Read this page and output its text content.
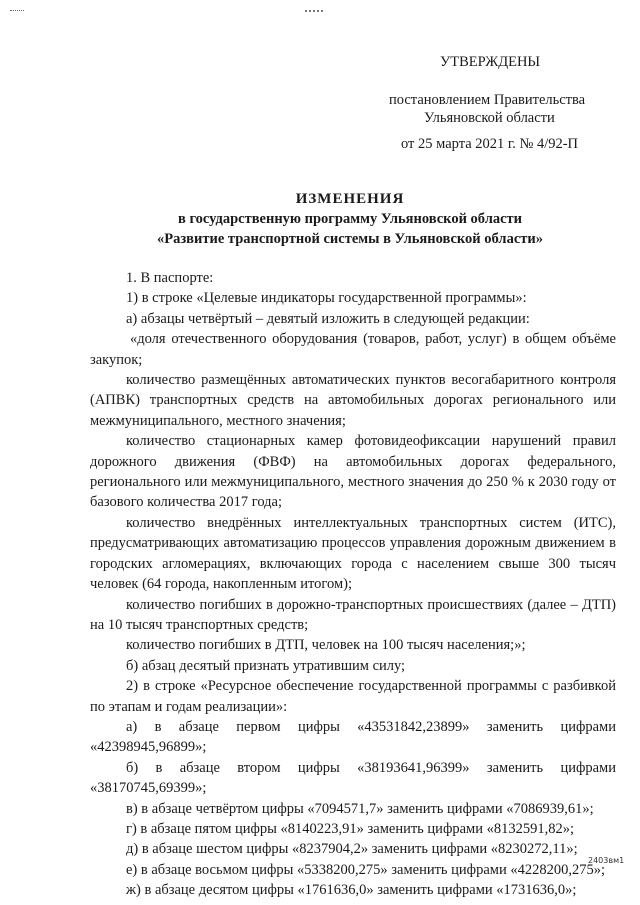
УТВЕРЖДЕНЫ
постановлением Правительства
Ульяновской области
от 25 марта 2021 г. № 4/92-П
ИЗМЕНЕНИЯ
в государственную программу Ульяновской области
«Развитие транспортной системы в Ульяновской области»

1. В паспорте:

1) в строке «Целевые индикаторы государственной программы»:

а) абзацы четвёртый – девятый изложить в следующей редакции:

«доля отечественного оборудования (товаров, работ, услуг) в общем объёме закупок;

количество размещённых автоматических пунктов весогабаритного контроля (АПВК) транспортных средств на автомобильных дорогах регионального или межмуниципального, местного значения;

количество стационарных камер фотовидеофиксации нарушений правил дорожного движения (ФВФ) на автомобильных дорогах федерального, регионального или межмуниципального, местного значения до 250 % к 2030 году от базового количества 2017 года;

количество внедрённых интеллектуальных транспортных систем (ИТС), предусматривающих автоматизацию процессов управления дорожным движением в городских агломерациях, включающих города с населением свыше 300 тысяч человек (64 города, накопленным итогом);

количество погибших в дорожно-транспортных происшествиях (далее – ДТП) на 10 тысяч транспортных средств;

количество погибших в ДТП, человек на 100 тысяч населения;»;

б) абзац десятый признать утратившим силу;

2) в строке «Ресурсное обеспечение государственной программы с разбивкой по этапам и годам реализации»:

а) в абзаце первом цифры «43531842,23899» заменить цифрами «42398945,96899»;

б) в абзаце втором цифры «38193641,96399» заменить цифрами «38170745,69399»;

в) в абзаце четвёртом цифры «7094571,7» заменить цифрами «7086939,61»;

г) в абзаце пятом цифры «8140223,91» заменить цифрами «8132591,82»;

д) в абзаце шестом цифры «8237904,2» заменить цифрами «8230272,11»;

е) в абзаце восьмом цифры «5338200,275» заменить цифрами «4228200,275»;

ж) в абзаце десятом цифры «1761636,0» заменить цифрами «1731636,0»;

2403вм1
